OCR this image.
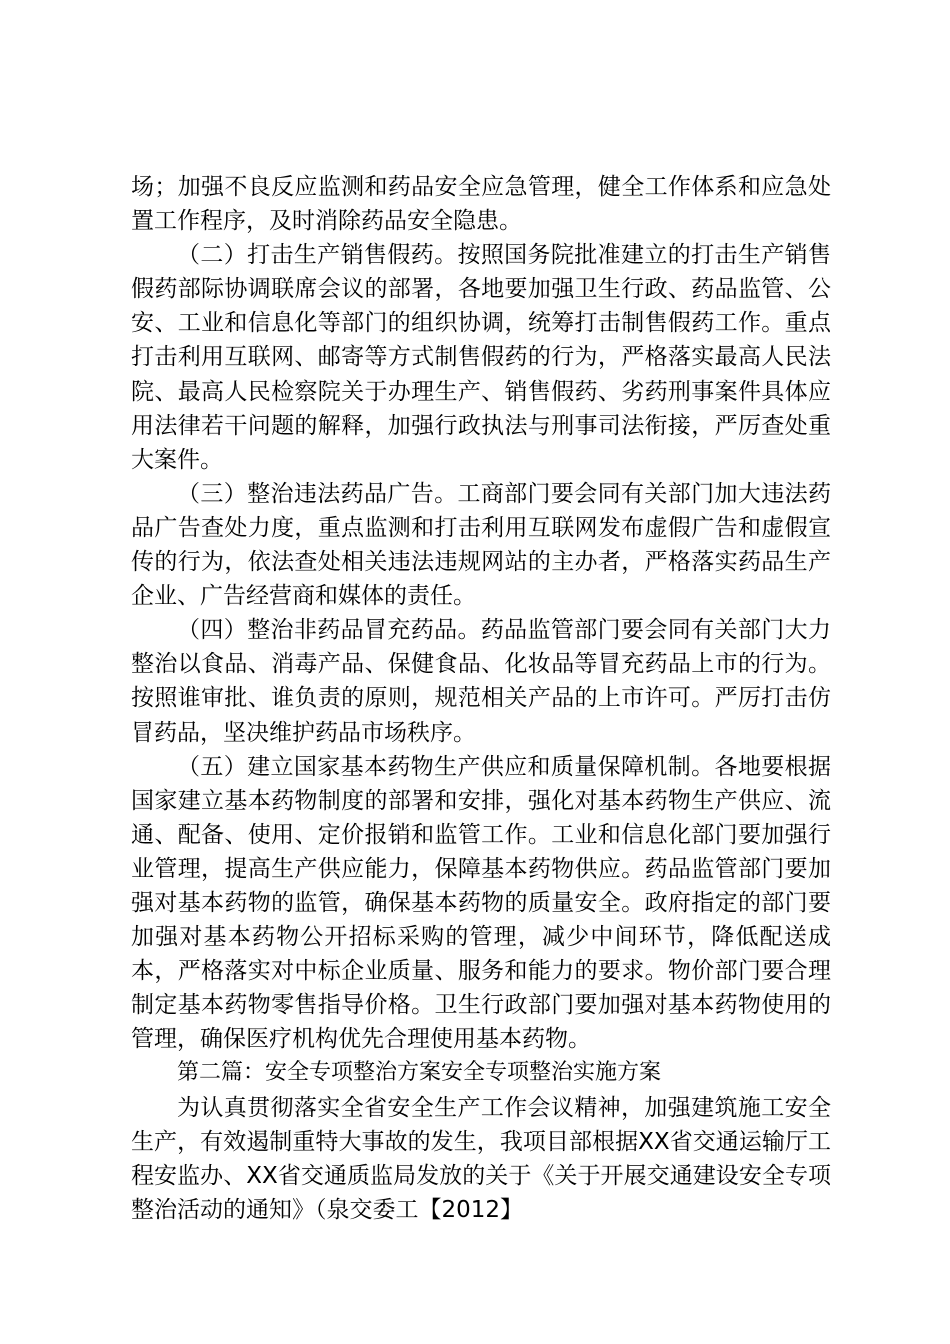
场；加强不良反应监测和药品安全应急管理，健全工作体系和应急处置工作程序，及时消除药品安全隐患。

（二）打击生产销售假药。按照国务院批准建立的打击生产销售假药部际协调联席会议的部署，各地要加强卫生行政、药品监管、公安、工业和信息化等部门的组织协调，统筹打击制售假药工作。重点打击利用互联网、邮寄等方式制售假药的行为，严格落实最高人民法院、最高人民检察院关于办理生产、销售假药、劣药刑事案件具体应用法律若干问题的解释，加强行政执法与刑事司法衔接，严厉查处重大案件。

（三）整治违法药品广告。工商部门要会同有关部门加大违法药品广告查处力度，重点监测和打击利用互联网发布虚假广告和虚假宣传的行为，依法查处相关违法违规网站的主办者，严格落实药品生产企业、广告经营商和媒体的责任。

（四）整治非药品冒充药品。药品监管部门要会同有关部门大力整治以食品、消毒产品、保健食品、化妆品等冒充药品上市的行为。按照谁审批、谁负责的原则，规范相关产品的上市许可。严厉打击仿冒药品，坚决维护药品市场秩序。

（五）建立国家基本药物生产供应和质量保障机制。各地要根据国家建立基本药物制度的部署和安排，强化对基本药物生产供应、流通、配备、使用、定价报销和监管工作。工业和信息化部门要加强行业管理，提高生产供应能力，保障基本药物供应。药品监管部门要加强对基本药物的监管，确保基本药物的质量安全。政府指定的部门要加强对基本药物公开招标采购的管理，减少中间环节，降低配送成本，严格落实对中标企业质量、服务和能力的要求。物价部门要合理制定基本药物零售指导价格。卫生行政部门要加强对基本药物使用的管理，确保医疗机构优先合理使用基本药物。

第二篇：安全专项整治方案安全专项整治实施方案

为认真贯彻落实全省安全生产工作会议精神，加强建筑施工安全生产，有效遏制重特大事故的发生，我项目部根据XX省交通运输厅工程安监办、XX省交通质监局发放的关于《关于开展交通建设安全专项整治活动的通知》（泉交委工【2012】
